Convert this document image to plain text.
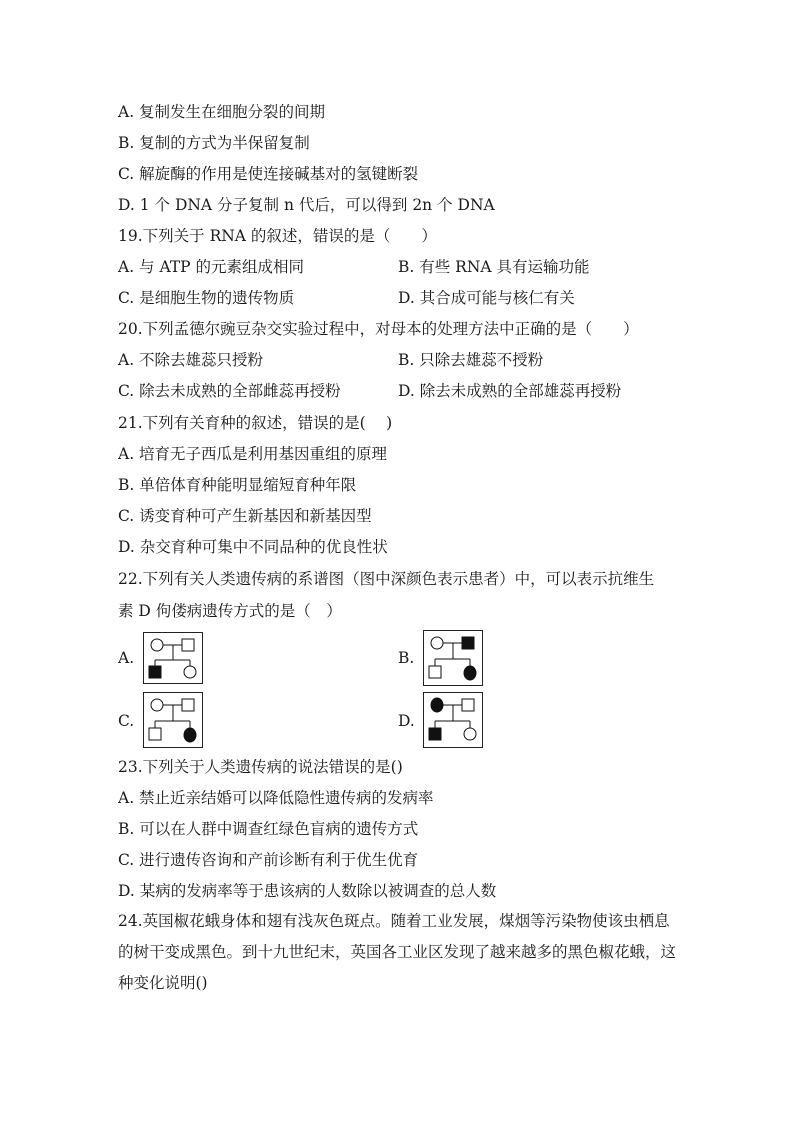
A. 复制发生在细胞分裂的间期
B. 复制的方式为半保留复制
C. 解旋酶的作用是使连接碱基对的氢键断裂
D. 1 个 DNA 分子复制 n 代后，可以得到 2n 个 DNA
19.下列关于 RNA 的叙述，错误的是（　　）
A. 与 ATP 的元素组成相同	B. 有些 RNA 具有运输功能
C. 是细胞生物的遗传物质	D. 其合成可能与核仁有关
20.下列孟德尔豌豆杂交实验过程中，对母本的处理方法中正确的是（　　）
A. 不除去雄蕊只授粉	B. 只除去雄蕊不授粉
C. 除去未成熟的全部雌蕊再授粉	D. 除去未成熟的全部雄蕊再授粉
21.下列有关育种的叙述，错误的是(　 )
A. 培育无子西瓜是利用基因重组的原理
B. 单倍体育种能明显缩短育种年限
C. 诱变育种可产生新基因和新基因型
D. 杂交育种可集中不同品种的优良性状
22.下列有关人类遗传病的系谱图（图中深颜色表示患者）中，可以表示抗维生
素 D 佝偻病遗传方式的是（　）
A.	B.
C.	D.
23.下列关于人类遗传病的说法错误的是()
A. 禁止近亲结婚可以降低隐性遗传病的发病率
B. 可以在人群中调查红绿色盲病的遗传方式
C. 进行遗传咨询和产前诊断有利于优生优育
D. 某病的发病率等于患该病的人数除以被调查的总人数
24.英国椒花蛾身体和翅有浅灰色斑点。随着工业发展，煤烟等污染物使该虫栖息的树干变成黑色。到十九世纪末，英国各工业区发现了越来越多的黑色椒花蛾，这种变化说明()
